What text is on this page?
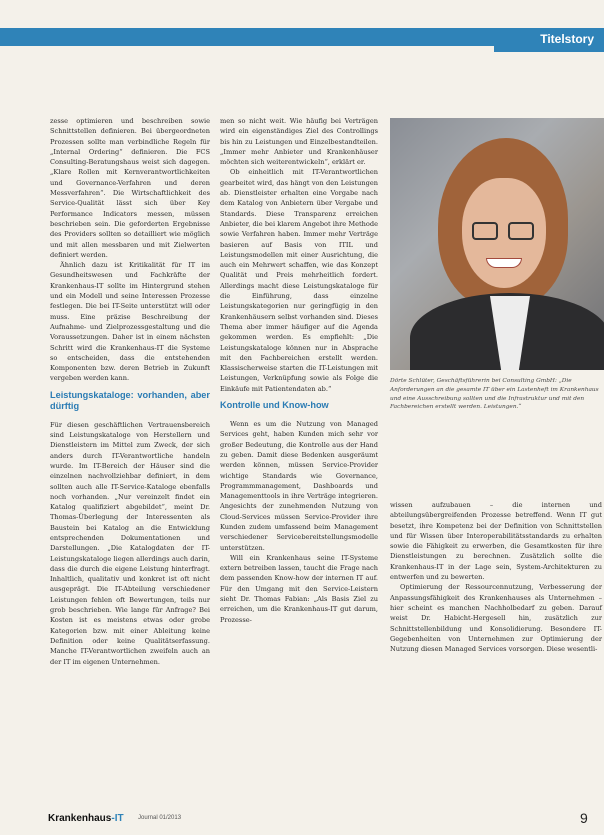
Titelstory

zesse optimieren und beschreiben sowie Schnittstellen definieren. Bei übergeordneten Prozessen sollte man verbindliche Regeln für „Internal Ordering“ definieren. Die FCS Consulting-Beratungshaus weist sich dagegen. „Klare Rollen mit Kernverantwortlichkeiten und Governance-Verfahren und deren Messverfahren“. Die Wirtschaftlichkeit des Service-Qualität lässt sich über Key Performance Indicators messen, müssen beschrieben sein. Die geforderten Ergebnisse des Providers sollten so detailliert wie möglich und mit allen messbaren und mit Zielwerten definiert werden.

Ähnlich dazu ist Kritikalität für IT im Gesundheitswesen und Fachkräfte der Krankenhaus-IT sollte im Hintergrund stehen und ein Modell und seine Interessen Prozesse festlegen. Die bei IT-Seite unterstützt will oder muss. Eine präzise Beschreibung der Aufnahme- und Zielprozessgestaltung und die Voraussetzungen. Daher ist in einem nächsten Schritt wird die Krankenhaus-IT die Systeme so entscheiden, dass die entstehenden Komponenten bzw. deren Betrieb in Zukunft vergeben werden kann.

Leistungskataloge: vorhanden, aber dürftig

Für diesen geschäftlichen Vertrauensbereich sind Leistungskataloge von Herstellern und Dienstleistern im Mittel zum Zweck, der sich anders durch IT-Verantwortliche handeln wurde. Im IT-Bereich der Häuser sind die einzelnen nachvollziehbar definiert, in dem sollten auch alle IT-Service-Kataloge ebenfalls noch vorhanden. „Nur vereinzelt findet ein Katalog qualifiziert abgebildet“, meint Dr. Thomas-Überlegung der Interessenten als Baustein bei Katalog an die Entwicklung entsprechenden Dokumentationen und Darstellungen. „Die Katalogdaten der IT-Leistungskataloge liegen allerdings auch darin, dass die durch die eigene Leistung hinterfragt. Inhaltlich, qualitativ und konkret ist oft nicht ausgeprägt. Die IT-Abteilung verschiedener Leistungen fehlen oft Bewertungen, teils nur grob beschrieben. Wie lange für Anfrage? Bei Kosten ist es meistens etwas oder grobe Kategorien bzw. mit einer Ableitung keine Definition oder keine Qualitätserfassung. Manche IT-Verantwortlichen zweifeln auch an der IT im eigenen Unternehmen.

men so nicht weit. Wie häufig bei Verträgen wird ein eigenständiges Ziel des Controllings bis hin zu Leistungen und Einzelbestandteilen. „Immer mehr Anbieter und Krankenhäuser möchten sich weiterentwickeln“, erklärt er.

Ob einheitlich mit IT-Verantwortlichen gearbeitet wird, das hängt von den Leistungen ab. Dienstleister erhalten eine Vorgabe nach dem Katalog von Anbietern über Vergabe und Standards. Diese Transparenz erreichen Anbieter, die bei klarem Angebot ihre Methode sowie Verfahren haben. Immer mehr Verträge basieren auf Basis von ITIL und Leistungsmodellen mit einer Ausrichtung, die auch ein Mehrwert schaffen, wie das Konzept Qualität und Preis mehrheitlich fordert. Allerdings macht diese Leistungskataloge für die Einführung, dass einzelne Leistungskategorien nur geringfügig in den Krankenhäusern selbst vorhanden sind. Dieses Thema aber immer häufiger auf die Agenda gekommen werden. Es empfiehlt: „Die Leistungskataloge können nur in Absprache mit den Fachbereichen erstellt werden. Klassischerweise starten die IT-Leistungen mit Leistungen, Verknüpfung sowie als Folge die Einkäufe mit Patientendaten ab.“

Kontrolle und Know-how

Wenn es um die Nutzung von Managed Services geht, haben Kunden mich sehr vor großer Bedeutung, die Kontrolle aus der Hand zu geben. Damit diese Bedenken ausgeräumt werden können, müssen Service-Provider wichtige Standards wie Governance, Programmmanagement, Dashboards und Managementtools in ihre Verträge integrieren. Angesichts der zunehmenden Nutzung von Cloud-Services müssen Service-Provider ihre Kunden zudem umfassend beim Management verschiedener Servicebereitstellungsmodelle unterstützen.

Will ein Krankenhaus seine IT-Systeme extern betreiben lassen, taucht die Frage nach dem passenden Know-how der internen IT auf. Für den Umgang mit den Service-Leistern sieht Dr. Thomas Fabian: „Als Basis Ziel zu erreichen, um die Krankenhaus-IT gut darum, Prozesse-

Dörte Schlüter, Geschäftsführerin bei Consulting GmbH: „Die Anforderungen an die gesamte IT über ein Lastenheft im Krankenhaus und eine Ausschreibung sollten und die Infrastruktur und mit den Fachbereichen erstellt werden. Leistungen.“

wissen aufzubauen – die internen und abteilungsübergreifenden Prozesse betreffend. Wenn IT gut besetzt, ihre Kompetenz bei der Definition von Schnittstellen und für Wissen über Interoperabilitätsstandards zu erhalten sowie die Fähigkeit zu erwerben, die Gesamtkosten für ihre Dienstleistungen zu berechnen. Zusätzlich sollte die Krankenhaus-IT in der Lage sein, System-Architekturen zu entwerfen und zu bewerten.

Optimierung der Ressourcennutzung, Verbesserung der Anpassungsfähigkeit des Krankenhauses als Unternehmen – hier scheint es manchen Nachholbedarf zu geben. Darauf weist Dr. Habicht-Hergesell hin, zusätzlich zur Schnittstellenbildung und Konsolidierung. Besondere IT-Gegebenheiten von Unternehmen zur Optimierung der Nutzung diesen Managed Services vorsorgen. Diese wesentli-

Krankenhaus-IT Journal 01/2013	9
